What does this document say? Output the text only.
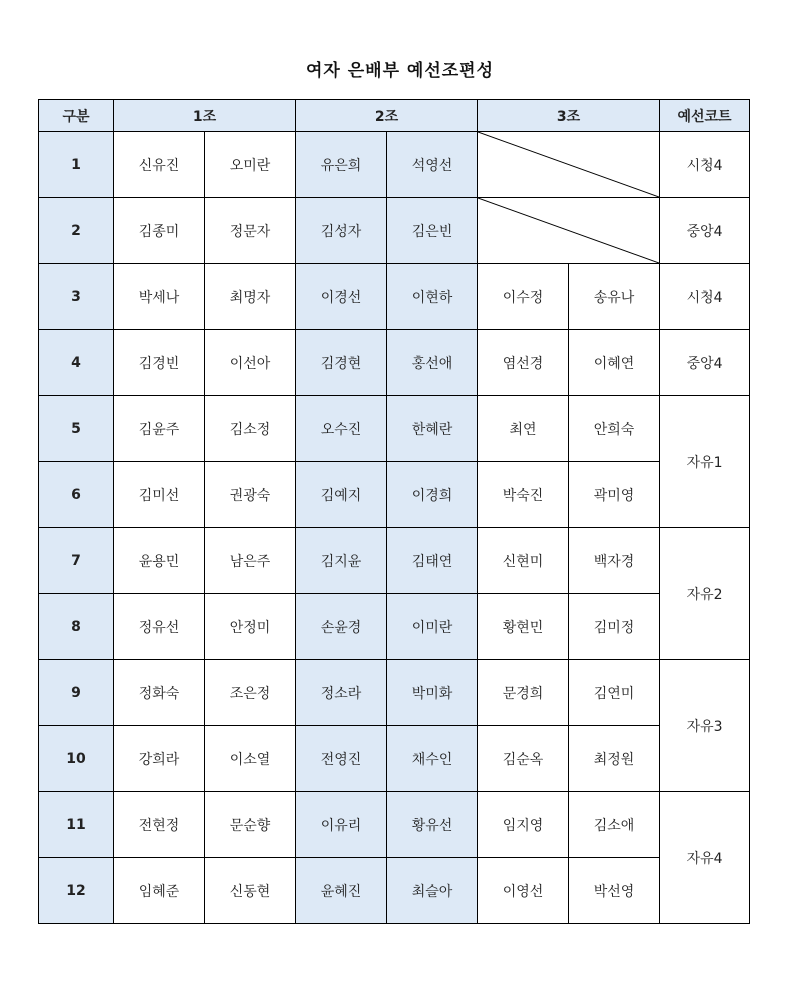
여자 은배부 예선조편성
구분	1조		2조		3조		예선코트
1	신유진	오미란	유은희	석영선			시청4
2	김종미	정문자	김성자	김은빈			중앙4
3	박세나	최명자	이경선	이현하	이수정	송유나	시청4
4	김경빈	이선아	김경현	홍선애	염선경	이혜연	중앙4
5	김윤주	김소정	오수진	한혜란	최연	안희숙	자유1
6	김미선	권광숙	김예지	이경희	박숙진	곽미영	
7	윤용민	남은주	김지윤	김태연	신현미	백자경	자유2
8	정유선	안정미	손윤경	이미란	황현민	김미정	
9	정화숙	조은정	정소라	박미화	문경희	김연미	자유3
10	강희라	이소열	전영진	채수인	김순옥	최정원	
11	전현정	문순향	이유리	황유선	임지영	김소애	자유4
12	임혜준	신동현	윤혜진	최슬아	이영선	박선영	
